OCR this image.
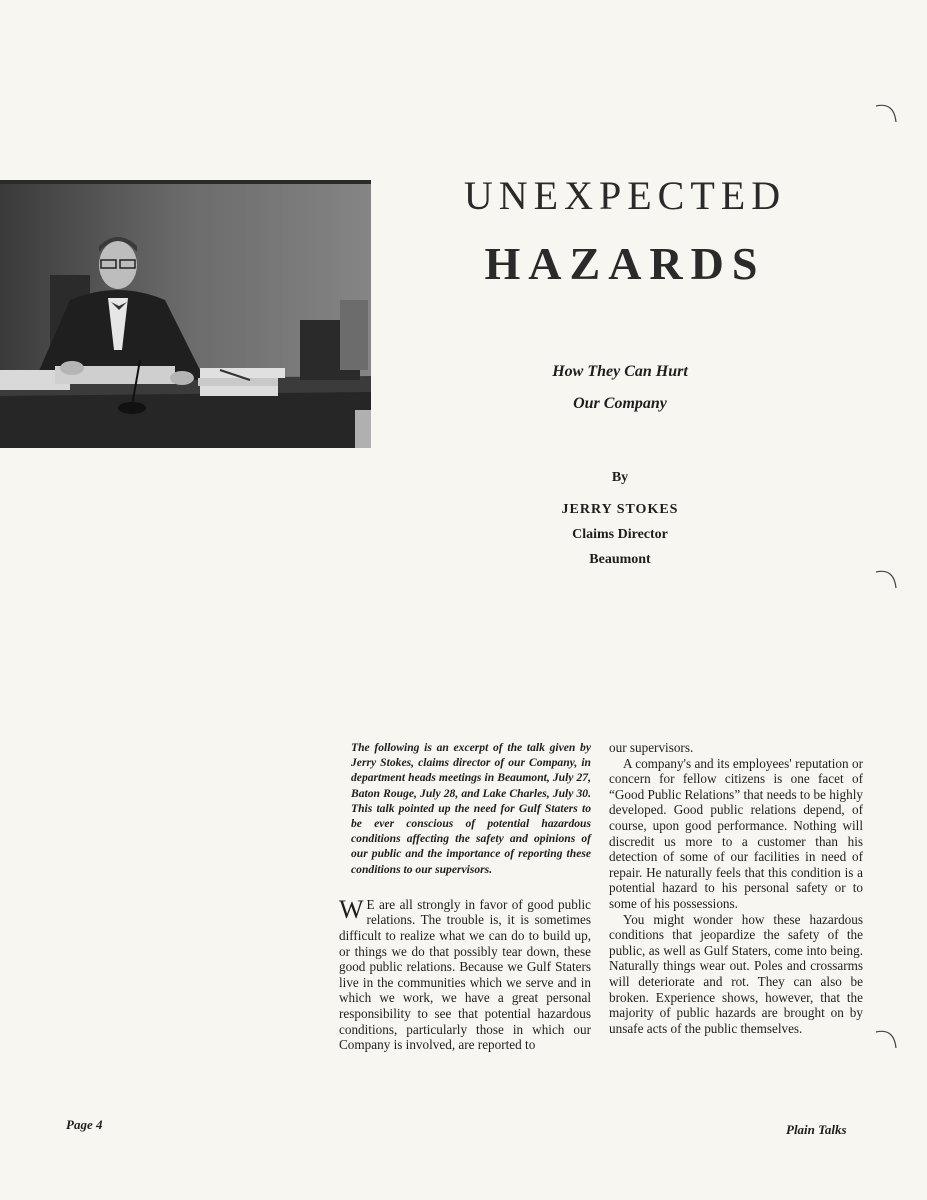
UNEXPECTED
HAZARDS
How They Can Hurt
Our Company
By
JERRY STOKES
Claims Director
Beaumont

The following is an excerpt of the talk given by Jerry Stokes, claims director of our Company, in department heads meetings in Beaumont, July 27, Baton Rouge, July 28, and Lake Charles, July 30. This talk pointed up the need for Gulf Staters to be ever conscious of potential hazardous conditions affecting the safety and opinions of our public and the importance of reporting these conditions to our supervisors.

W E are all strongly in favor of good public relations. The trouble is, it is sometimes difficult to realize what we can do to build up, or things we do that possibly tear down, these good public relations. Because we Gulf Staters live in the communities which we serve and in which we work, we have a great personal responsibility to see that potential hazardous conditions, particularly those in which our Company is involved, are reported to

our supervisors.

A company's and its employees' reputation or concern for fellow citizens is one facet of “Good Public Relations” that needs to be highly developed. Good public relations depend, of course, upon good performance. Nothing will discredit us more to a customer than his detection of some of our facilities in need of repair. He naturally feels that this condition is a potential hazard to his personal safety or to some of his possessions.

You might wonder how these hazardous conditions that jeopardize the safety of the public, as well as Gulf Staters, come into being. Naturally things wear out. Poles and crossarms will deteriorate and rot. They can also be broken. Experience shows, however, that the majority of public hazards are brought on by unsafe acts of the public themselves.

Page 4	Plain Talks
